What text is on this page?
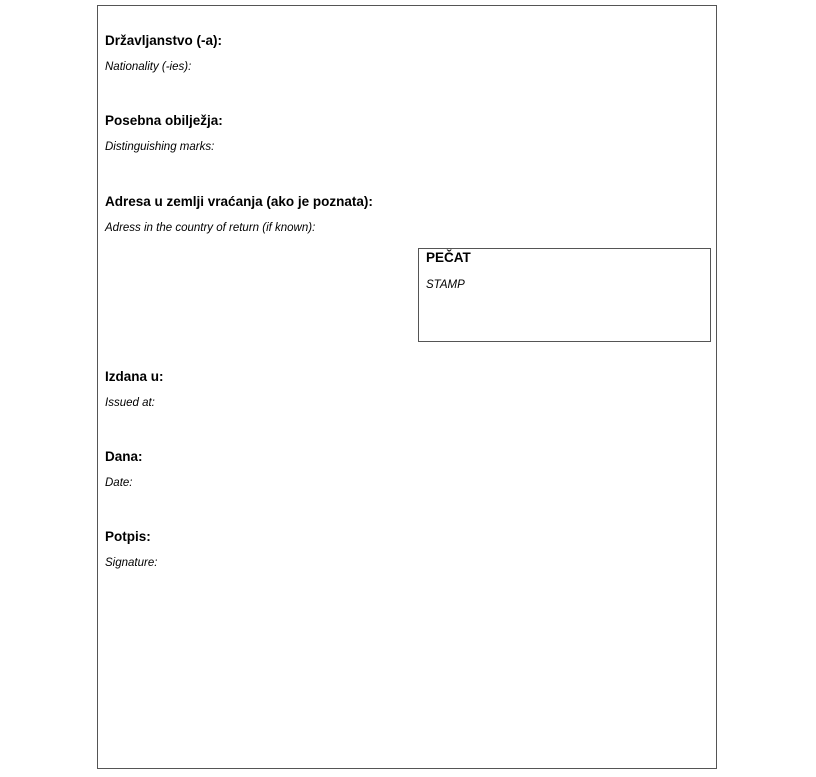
Državljanstvo (-a):

Nationality (-ies):

Posebna obilježja:

Distinguishing marks:

Adresa u zemlji vraćanja (ako je poznata):

Adress in the country of return (if known):

PEČAT

STAMP

Izdana u:

Issued at:

Dana:

Date:

Potpis:

Signature:
